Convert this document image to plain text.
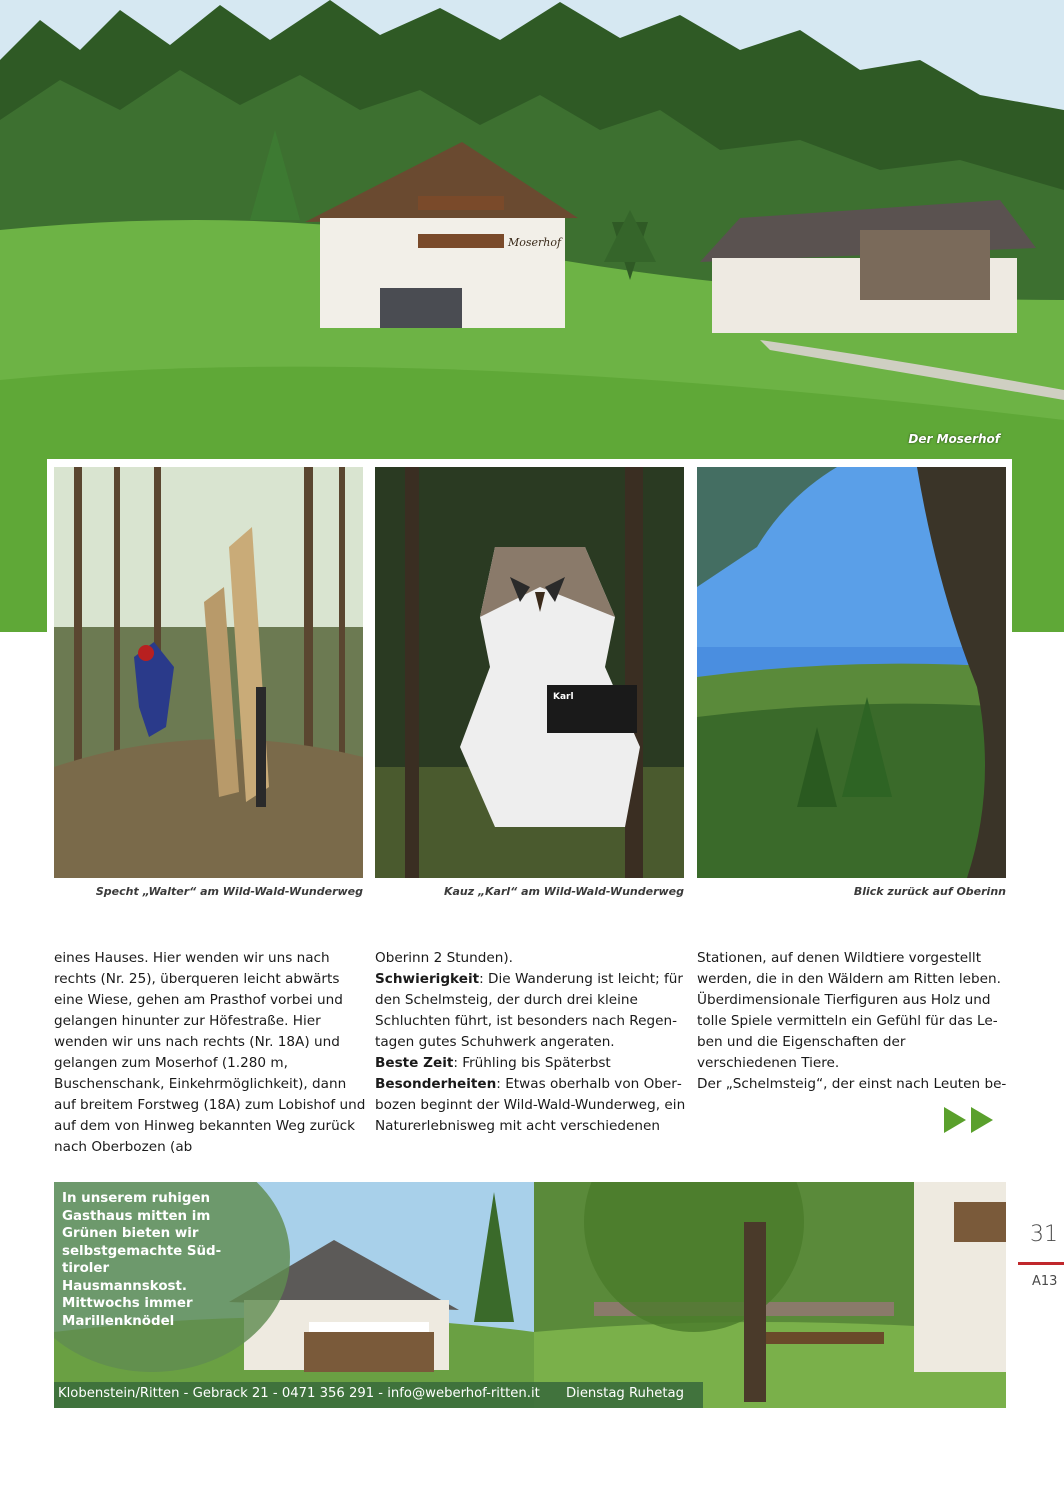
Moserhof
Der Moserhof
Karl
Specht „Walter“ am Wild-Wald-Wunderweg	Kauz „Karl“ am Wild-Wald-Wunderweg	Blick zurück auf Oberinn

eines Hauses. Hier wenden wir uns nach rechts (Nr. 25), überqueren leicht abwärts eine Wiese, gehen am Prasthof vorbei und gelangen hinunter zur Höfestraße. Hier wenden wir uns nach rechts (Nr. 18A) und gelangen zum Moserhof (1.280 m, Buschenschank, Einkehrmöglichkeit), dann auf breitem Forstweg (18A) zum Lobishof und auf dem von Hinweg bekannten Weg zurück nach Oberbozen (ab

Oberinn 2 Stunden).

Schwierigkeit: Die Wanderung ist leicht; für den Schelmsteig, der durch drei kleine Schluchten führt, ist besonders nach Regentagen gutes Schuhwerk angeraten.

Beste Zeit: Frühling bis Späterbst

Besonderheiten: Etwas oberhalb von Oberbozen beginnt der Wild-Wald-Wunderweg, ein Naturerlebnisweg mit acht verschiedenen

Stationen, auf denen Wildtiere vorgestellt werden, die in den Wäldern am Ritten leben. Überdimensionale Tierfiguren aus Holz und tolle Spiele vermitteln ein Gefühl für das Leben und die Eigenschaften der verschiedenen Tiere.

Der „Schelmsteig“, der einst nach Leuten be-

In unserem ruhigen Gasthaus mitten im Grünen bieten wir selbstgemachte Südtiroler Hausmannskost. Mittwochs immer Marillenknödel
Klobenstein/Ritten - Gebrack 21 - 0471 356 291 - info@weberhof-ritten.it Dienstag Ruhetag
31
A13
